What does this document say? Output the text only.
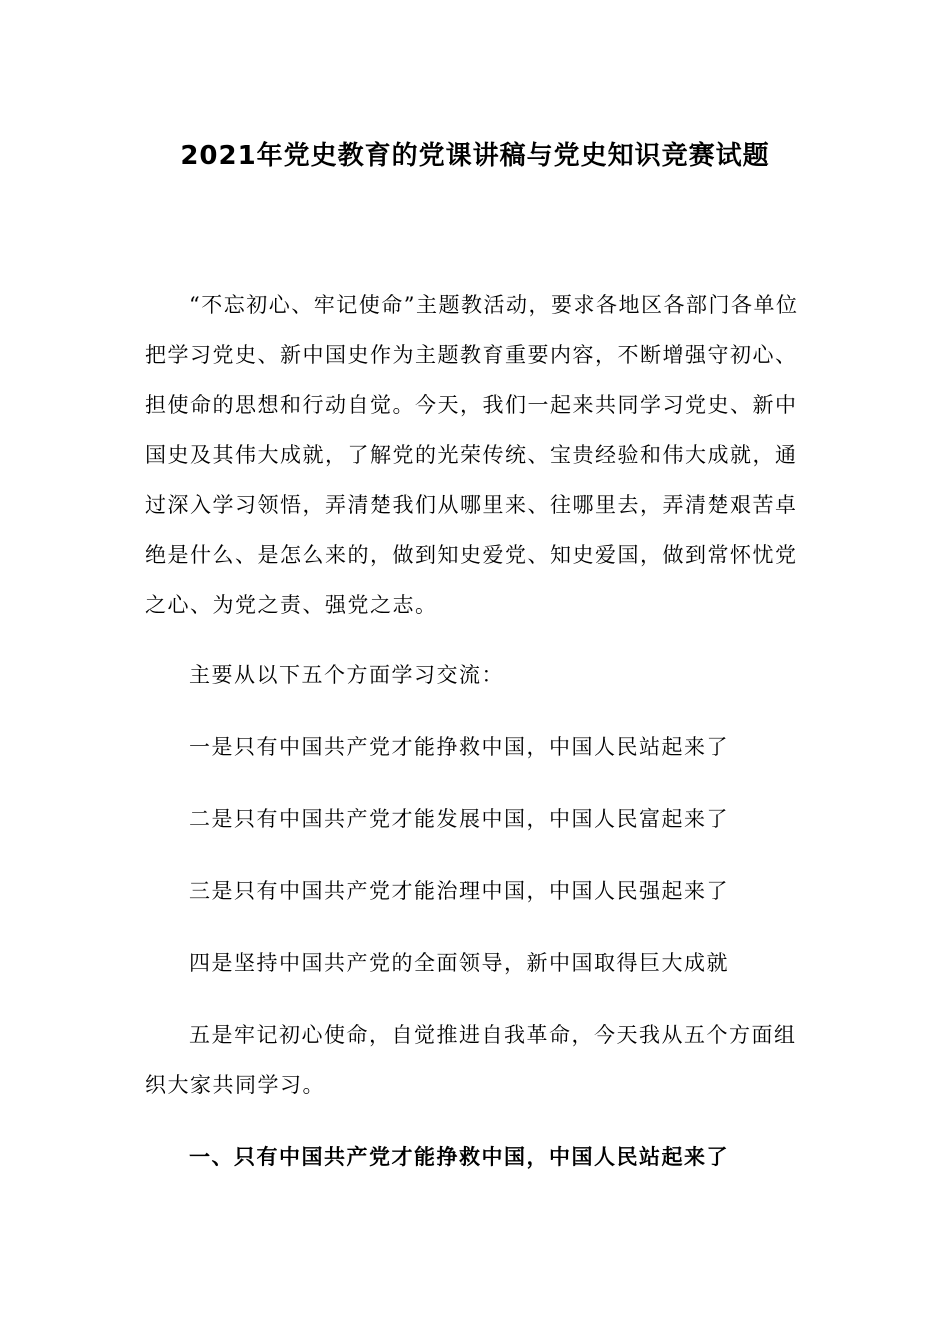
2021年党史教育的党课讲稿与党史知识竞赛试题

“不忘初心、牢记使命”主题教活动，要求各地区各部门各单位把学习党史、新中国史作为主题教育重要内容，不断增强守初心、担使命的思想和行动自觉。今天，我们一起来共同学习党史、新中国史及其伟大成就，了解党的光荣传统、宝贵经验和伟大成就，通过深入学习领悟，弄清楚我们从哪里来、往哪里去，弄清楚艰苦卓绝是什么、是怎么来的，做到知史爱党、知史爱国，做到常怀忧党之心、为党之责、强党之志。

主要从以下五个方面学习交流：

一是只有中国共产党才能挣救中国，中国人民站起来了

二是只有中国共产党才能发展中国，中国人民富起来了

三是只有中国共产党才能治理中国，中国人民强起来了

四是坚持中国共产党的全面领导，新中国取得巨大成就

五是牢记初心使命，自觉推进自我革命，今天我从五个方面组织大家共同学习。

一、只有中国共产党才能挣救中国，中国人民站起来了
